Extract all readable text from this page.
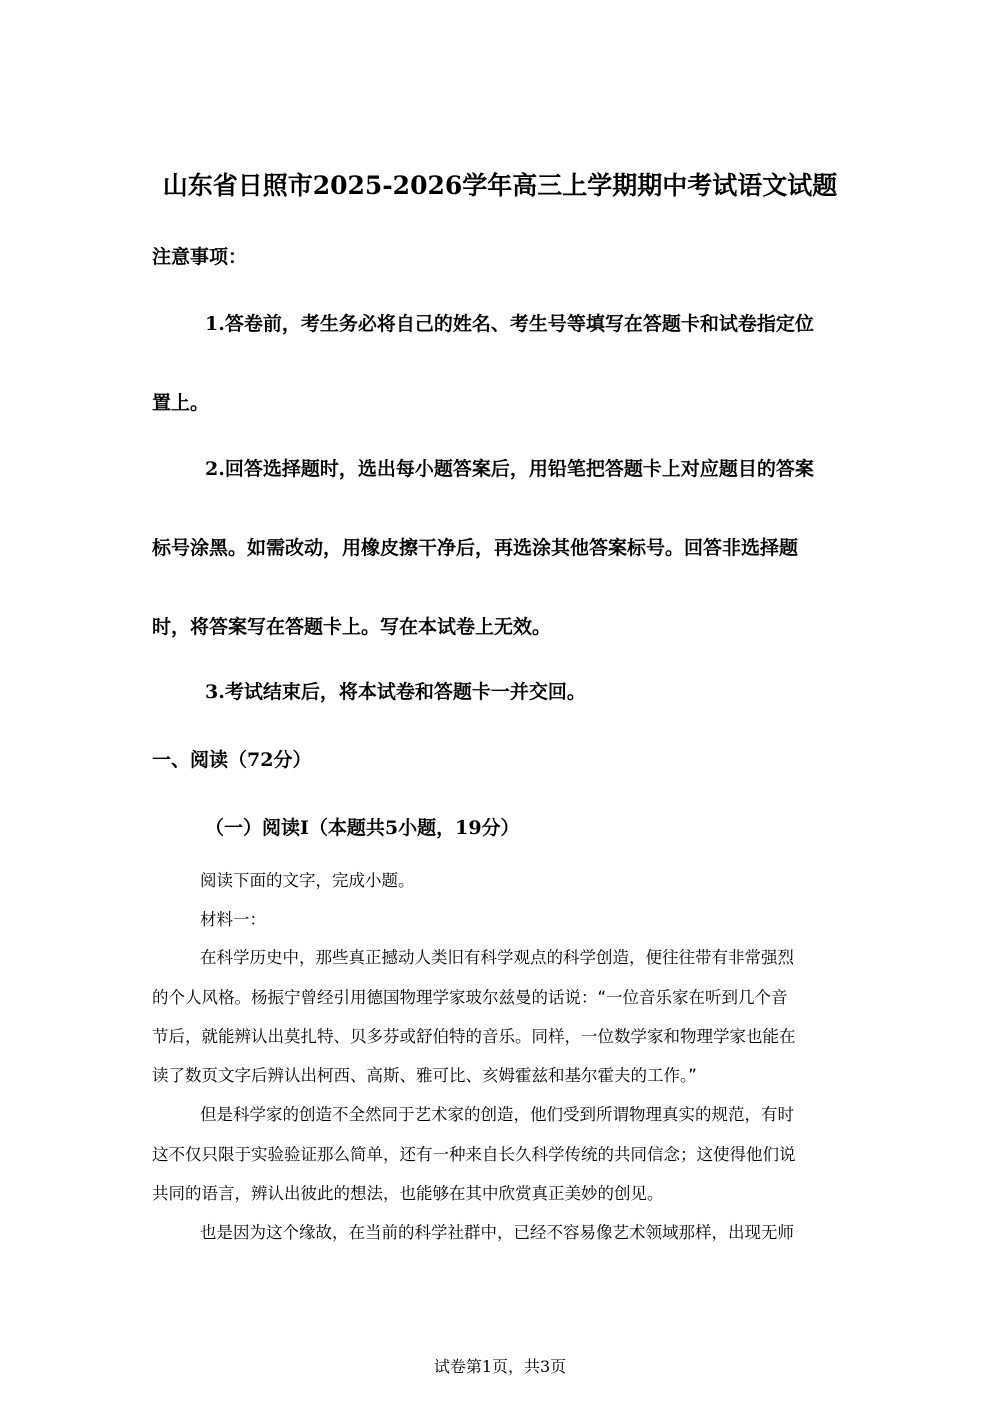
山东省日照市2025-2026学年高三上学期期中考试语文试题
注意事项：
1.答卷前，考生务必将自己的姓名、考生号等填写在答题卡和试卷指定位
置上。
2.回答选择题时，选出每小题答案后，用铅笔把答题卡上对应题目的答案
标号涂黑。如需改动，用橡皮擦干净后，再选涂其他答案标号。回答非选择题
时，将答案写在答题卡上。写在本试卷上无效。
3.考试结束后，将本试卷和答题卡一并交回。
一、阅读（72分）
（一）阅读Ⅰ（本题共5小题，19分）
阅读下面的文字，完成小题。
材料一：
在科学历史中，那些真正撼动人类旧有科学观点的科学创造，便往往带有非常强烈
的个人风格。杨振宁曾经引用德国物理学家玻尔兹曼的话说：“一位音乐家在听到几个音
节后，就能辨认出莫扎特、贝多芬或舒伯特的音乐。同样，一位数学家和物理学家也能在
读了数页文字后辨认出柯西、高斯、雅可比、亥姆霍兹和基尔霍夫的工作。”
但是科学家的创造不全然同于艺术家的创造，他们受到所谓物理真实的规范，有时
这不仅只限于实验验证那么简单，还有一种来自长久科学传统的共同信念；这使得他们说
共同的语言，辨认出彼此的想法，也能够在其中欣赏真正美妙的创见。
也是因为这个缘故，在当前的科学社群中，已经不容易像艺术领域那样，出现无师
试卷第1页，共3页
